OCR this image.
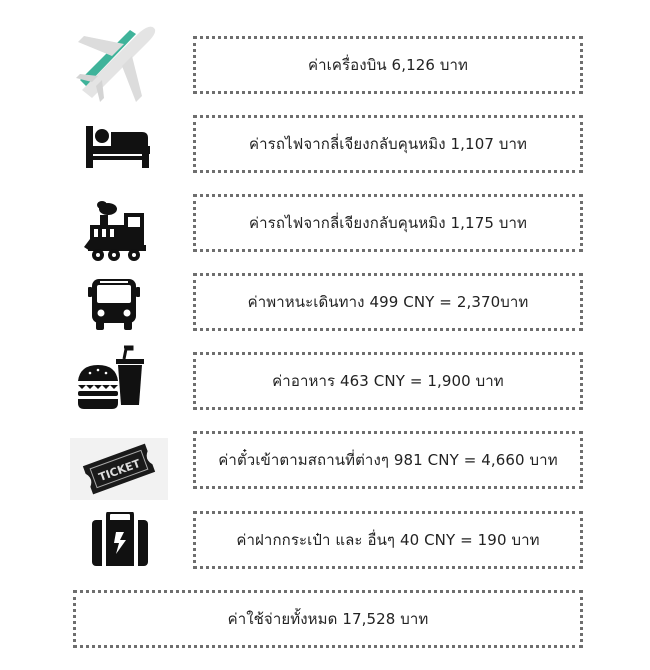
TICKET
ค่าเครื่องบิน 6,126 บาท
ค่ารถไฟจากลี่เจียงกลับคุนหมิง 1,107 บาท
ค่ารถไฟจากลี่เจียงกลับคุนหมิง 1,175 บาท
ค่าพาหนะเดินทาง 499 CNY = 2,370บาท
ค่าอาหาร 463 CNY = 1,900 บาท
ค่าตั๋วเข้าตามสถานที่ต่างๆ 981 CNY = 4,660 บาท
ค่าฝากกระเป๋า และ อื่นๆ 40 CNY = 190 บาท
ค่าใช้จ่ายทั้งหมด 17,528 บาท
